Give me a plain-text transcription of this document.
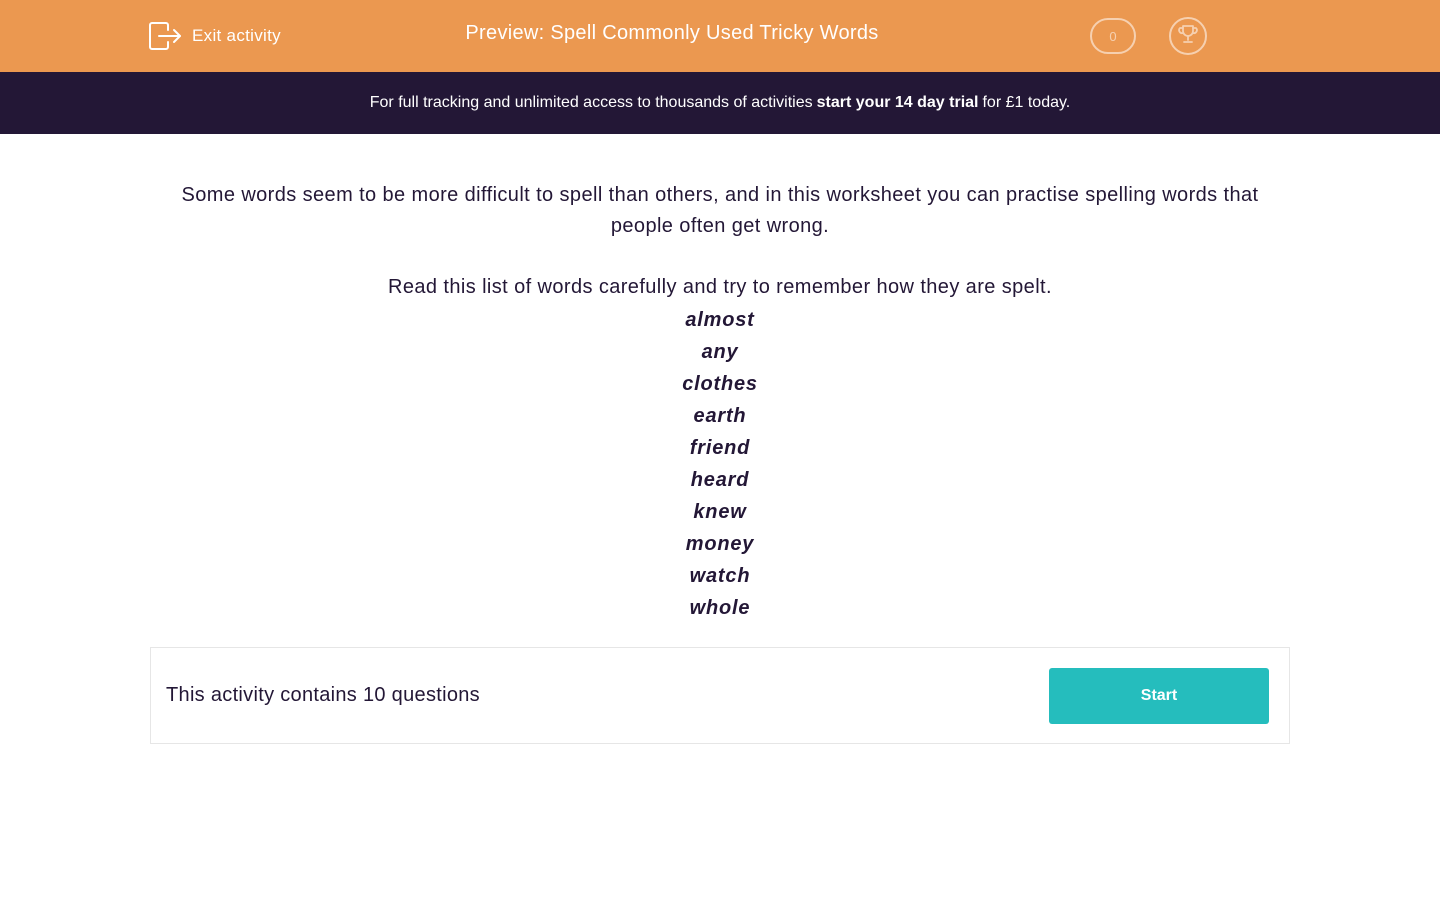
Exit activity	Preview: Spell Commonly Used Tricky Words	0
For full tracking and unlimited access to thousands of activities start your 14 day trial for £1 today.

Some words seem to be more difficult to spell than others, and in this worksheet you can practise spelling words that people often get wrong.

Read this list of words carefully and try to remember how they are spelt.

almost
any
clothes
earth
friend
heard
knew
money
watch
whole
This activity contains 10 questions	Start
